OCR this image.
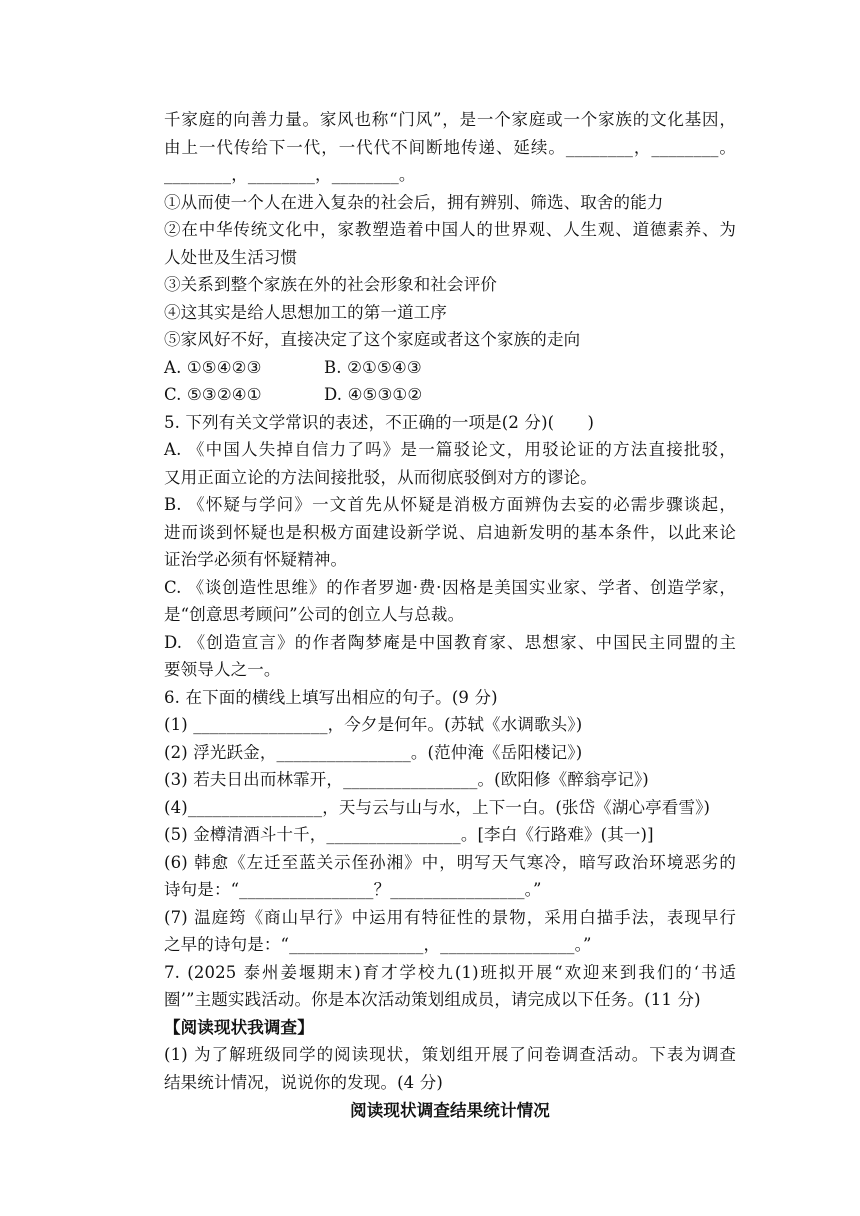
千家庭的向善力量。家风也称“门风”，是一个家庭或一个家族的文化基因，
由上一代传给下一代，一代代不间断地传递、延续。________，________。
________，________，________。
①从而使一个人在进入复杂的社会后，拥有辨别、筛选、取舍的能力
②在中华传统文化中，家教塑造着中国人的世界观、人生观、道德素养、为
人处世及生活习惯
③关系到整个家族在外的社会形象和社会评价
④这其实是给人思想加工的第一道工序
⑤家风好不好，直接决定了这个家庭或者这个家族的走向
A. ①⑤④②③	B. ②①⑤④③
C. ⑤③②④①	D. ④⑤③①②
5. 下列有关文学常识的表述，不正确的一项是(2 分)(　　)
A. 《中国人失掉自信力了吗》是一篇驳论文，用驳论证的方法直接批驳，
又用正面立论的方法间接批驳，从而彻底驳倒对方的谬论。
B. 《怀疑与学问》一文首先从怀疑是消极方面辨伪去妄的必需步骤谈起，
进而谈到怀疑也是积极方面建设新学说、启迪新发明的基本条件，以此来论
证治学必须有怀疑精神。
C. 《谈创造性思维》的作者罗迦·费·因格是美国实业家、学者、创造学家，
是“创意思考顾问”公司的创立人与总裁。
D. 《创造宣言》的作者陶梦庵是中国教育家、思想家、中国民主同盟的主
要领导人之一。
6. 在下面的横线上填写出相应的句子。(9 分)
(1) ________________，今夕是何年。(苏轼《水调歌头》)
(2) 浮光跃金，________________。(范仲淹《岳阳楼记》)
(3) 若夫日出而林霏开，________________。(欧阳修《醉翁亭记》)
(4)________________，天与云与山与水，上下一白。(张岱《湖心亭看雪》)
(5) 金樽清酒斗十千，________________。[李白《行路难》(其一)]
(6) 韩愈《左迁至蓝关示侄孙湘》中，明写天气寒冷，暗写政治环境恶劣的
诗句是：“________________？________________。”
(7) 温庭筠《商山早行》中运用有特征性的景物，采用白描手法，表现早行
之早的诗句是：“________________，________________。”
7. (2025 泰州姜堰期末)育才学校九(1)班拟开展“欢迎来到我们的‘书适
圈’”主题实践活动。你是本次活动策划组成员，请完成以下任务。(11 分)
【阅读现状我调查】
(1) 为了解班级同学的阅读现状，策划组开展了问卷调查活动。下表为调查
结果统计情况，说说你的发现。(4 分)
阅读现状调查结果统计情况
